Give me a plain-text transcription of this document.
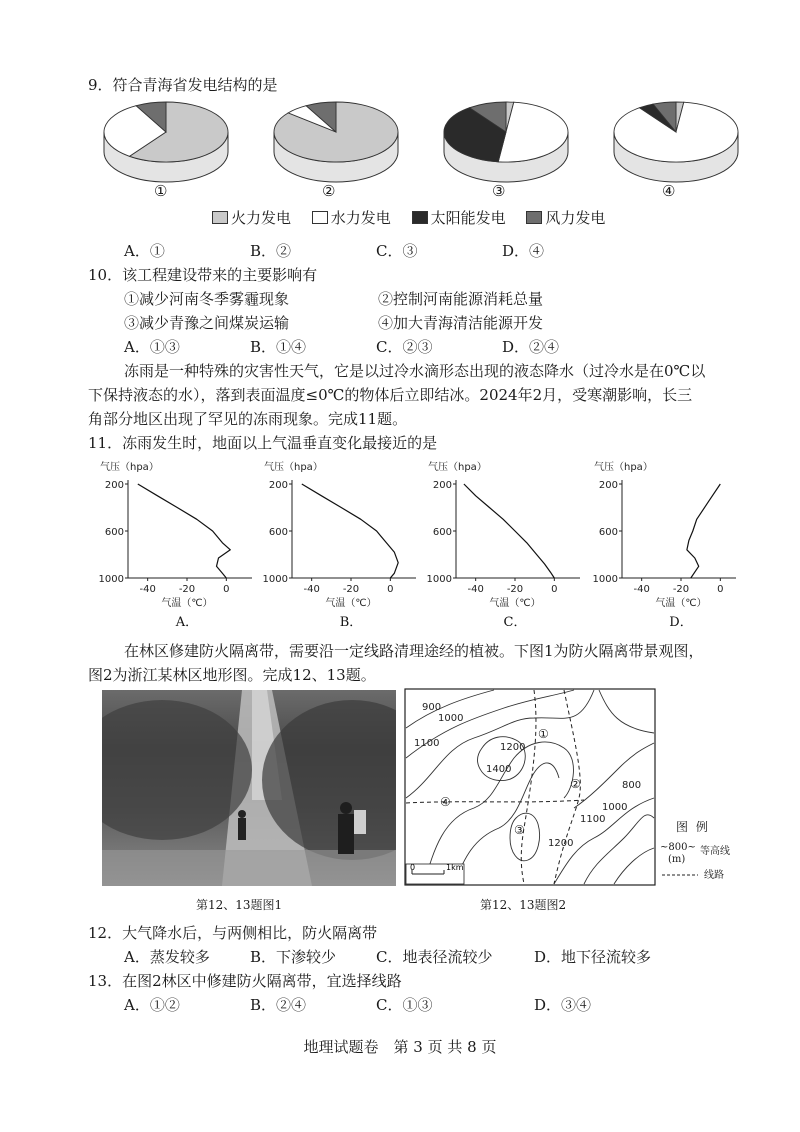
9．符合青海省发电结构的是
①	②	③	④
火力发电	水力发电	太阳能发电	风力发电
A．①	B．②	C．③	D．④
10．该工程建设带来的主要影响有
①减少河南冬季雾霾现象	②控制河南能源消耗总量
③减少青豫之间煤炭运输	④加大青海清洁能源开发
A．①③	B．①④	C．②③	D．②④
冻雨是一种特殊的灾害性天气，它是以过冷水滴形态出现的液态降水（过冷水是在0℃以
下保持液态的水），落到表面温度≤0℃的物体后立即结冰。2024年2月，受寒潮影响，长三
角部分地区出现了罕见的冻雨现象。完成11题。
11．冻雨发生时，地面以上气温垂直变化最接近的是
气压（hpa）
200
600
1000
-40 -20	0
气温（℃）
A．
气压（hpa）
200
600
1000
-40 -20	0
气温（℃）
B．
气压（hpa）
200
600
1000
-40 -20	0
气温（℃）
C．
气压（hpa）
200
600
1000
-40 -20	0
气温（℃）
D．
在林区修建防火隔离带，需要沿一定线路清理途经的植被。下图1为防火隔离带景观图，
图2为浙江某林区地形图。完成12、13题。
900
1000
1100	1200
1400
800
1000
1100
1200
①
②
③
④
0	1km
图 例
~800~ 等高线
(m)
线路
第12、13题图1	第12、13题图2
12．大气降水后，与两侧相比，防火隔离带
A．蒸发较多	B．下渗较少	C．地表径流较少	D．地下径流较多
13．在图2林区中修建防火隔离带，宜选择线路
A．①②	B．②④	C．①③	D．③④
地理试题卷　第 3 页 共 8 页
